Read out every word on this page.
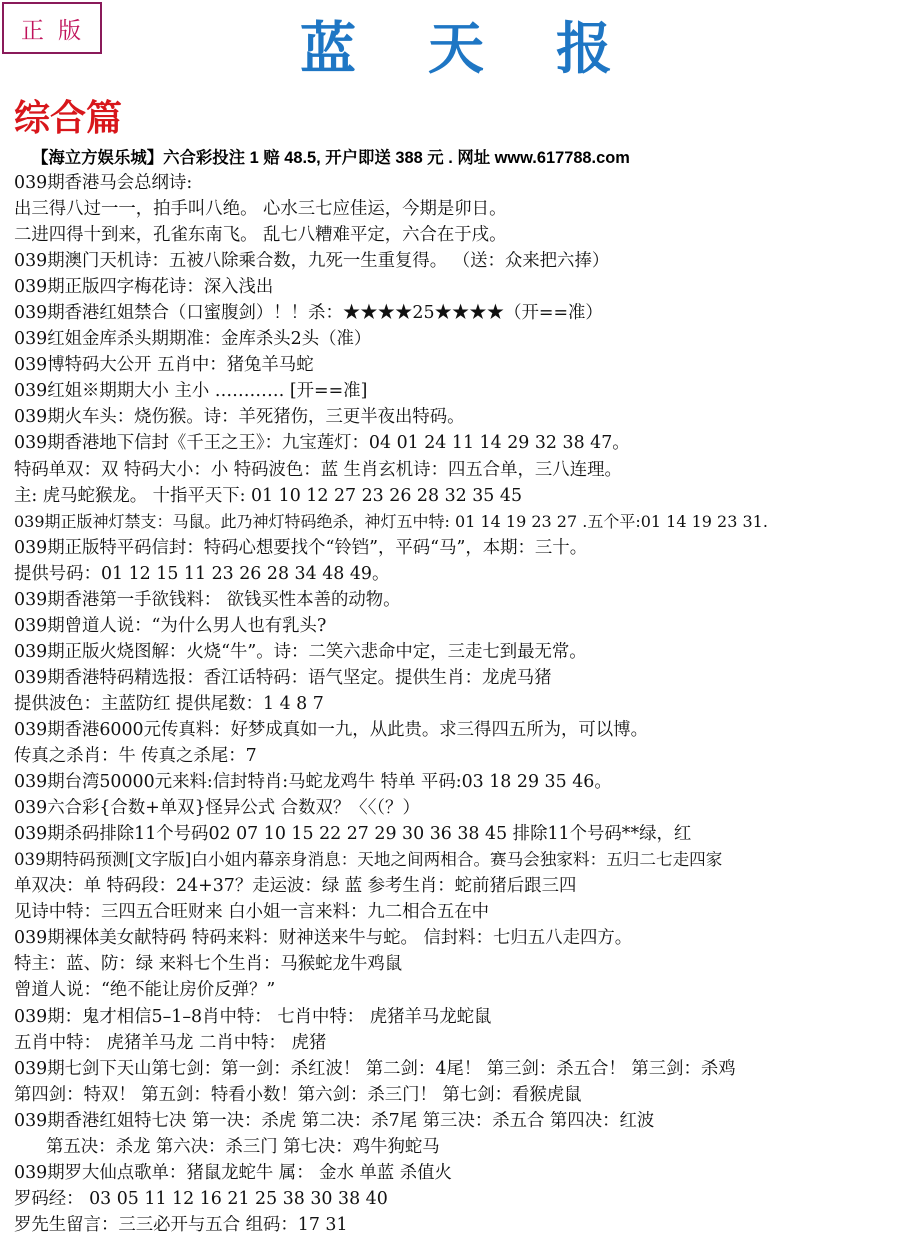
正版	蓝天报
综合篇
【海立方娱乐城】六合彩投注 1 赔 48.5, 开户即送 388 元 . 网址 www.617788.com
039期香港马会总纲诗:
出三得八过一一，拍手叫八绝。 心水三七应佳运，今期是卯日。
二进四得十到来，孔雀东南飞。 乱七八糟难平定，六合在于戌。
039期澳门天机诗：五被八除乘合数，九死一生重复得。 （送：众来把六捧）
039期正版四字梅花诗：深入浅出
039期香港红姐禁合（口蜜腹剑）！！杀：★★★★25★★★★（开==准）
039红姐金库杀头期期准：金库杀头2头（准）
039博特码大公开 五肖中：猪兔羊马蛇
039红姐※期期大小 主小 ………… [开==准]
039期火车头：烧伤猴。诗：羊死猪伤，三更半夜出特码。
039期香港地下信封《千王之王》：九宝莲灯：04 01 24 11 14 29 32 38 47。
特码单双：双 特码大小：小 特码波色：蓝 生肖玄机诗：四五合单，三八连理。
主: 虎马蛇猴龙。 十指平天下: 01 10 12 27 23 26 28 32 35 45
039期正版神灯禁支：马鼠。此乃神灯特码绝杀，神灯五中特: 01 14 19 23 27 .五个平:01 14 19 23 31.
039期正版特平码信封：特码心想要找个“铃铛”，平码“马”，本期：三十。
提供号码：01 12 15 11 23 26 28 34 48 49。
039期香港第一手欲钱料： 欲钱买性本善的动物。
039期曾道人说：“为什么男人也有乳头?
039期正版火烧图解：火烧“牛”。诗：二笑六悲命中定，三走七到最无常。
039期香港特码精选报：香江话特码：语气坚定。提供生肖：龙虎马猪
提供波色：主蓝防红 提供尾数：1 4 8 7
039期香港6000元传真料：好梦成真如一九，从此贵。求三得四五所为，可以博。
传真之杀肖：牛 传真之杀尾：7
039期台湾50000元来料:信封特肖:马蛇龙鸡牛 特单 平码:03 18 29 35 46。
039六合彩{合数+单双}怪异公式 合数双？〈〈（？）
039期杀码排除11个号码02 07 10 15 22 27 29 30 36 38 45 排除11个号码**绿，红
039期特码预测[文字版]白小姐内幕亲身消息：天地之间两相合。赛马会独家料：五归二七走四家
单双决：单 特码段：24+37？走运波：绿 蓝 参考生肖：蛇前猪后跟三四
见诗中特：三四五合旺财来 白小姐一言来料：九二相合五在中
039期裸体美女献特码 特码来料：财神送来牛与蛇。 信封料：七归五八走四方。
特主：蓝、防：绿 来料七个生肖：马猴蛇龙牛鸡鼠
曾道人说：“绝不能让房价反弹？”
039期：鬼才相信5–1–8肖中特： 七肖中特： 虎猪羊马龙蛇鼠
五肖中特： 虎猪羊马龙 二肖中特： 虎猪
039期七剑下天山第七剑：第一剑：杀红波！ 第二剑：4尾！ 第三剑：杀五合！ 第三剑：杀鸡
第四剑：特双！ 第五剑：特看小数！第六剑：杀三门！ 第七剑：看猴虎鼠
039期香港红姐特七决 第一决：杀虎 第二决：杀7尾 第三决：杀五合 第四决：红波
第五决：杀龙 第六决：杀三门 第七决：鸡牛狗蛇马
039期罗大仙点歌单：猪鼠龙蛇牛 属： 金水 单蓝 杀值火
罗码经： 03 05 11 12 16 21 25 38 30 38 40
罗先生留言：三三必开与五合 组码：17 31
